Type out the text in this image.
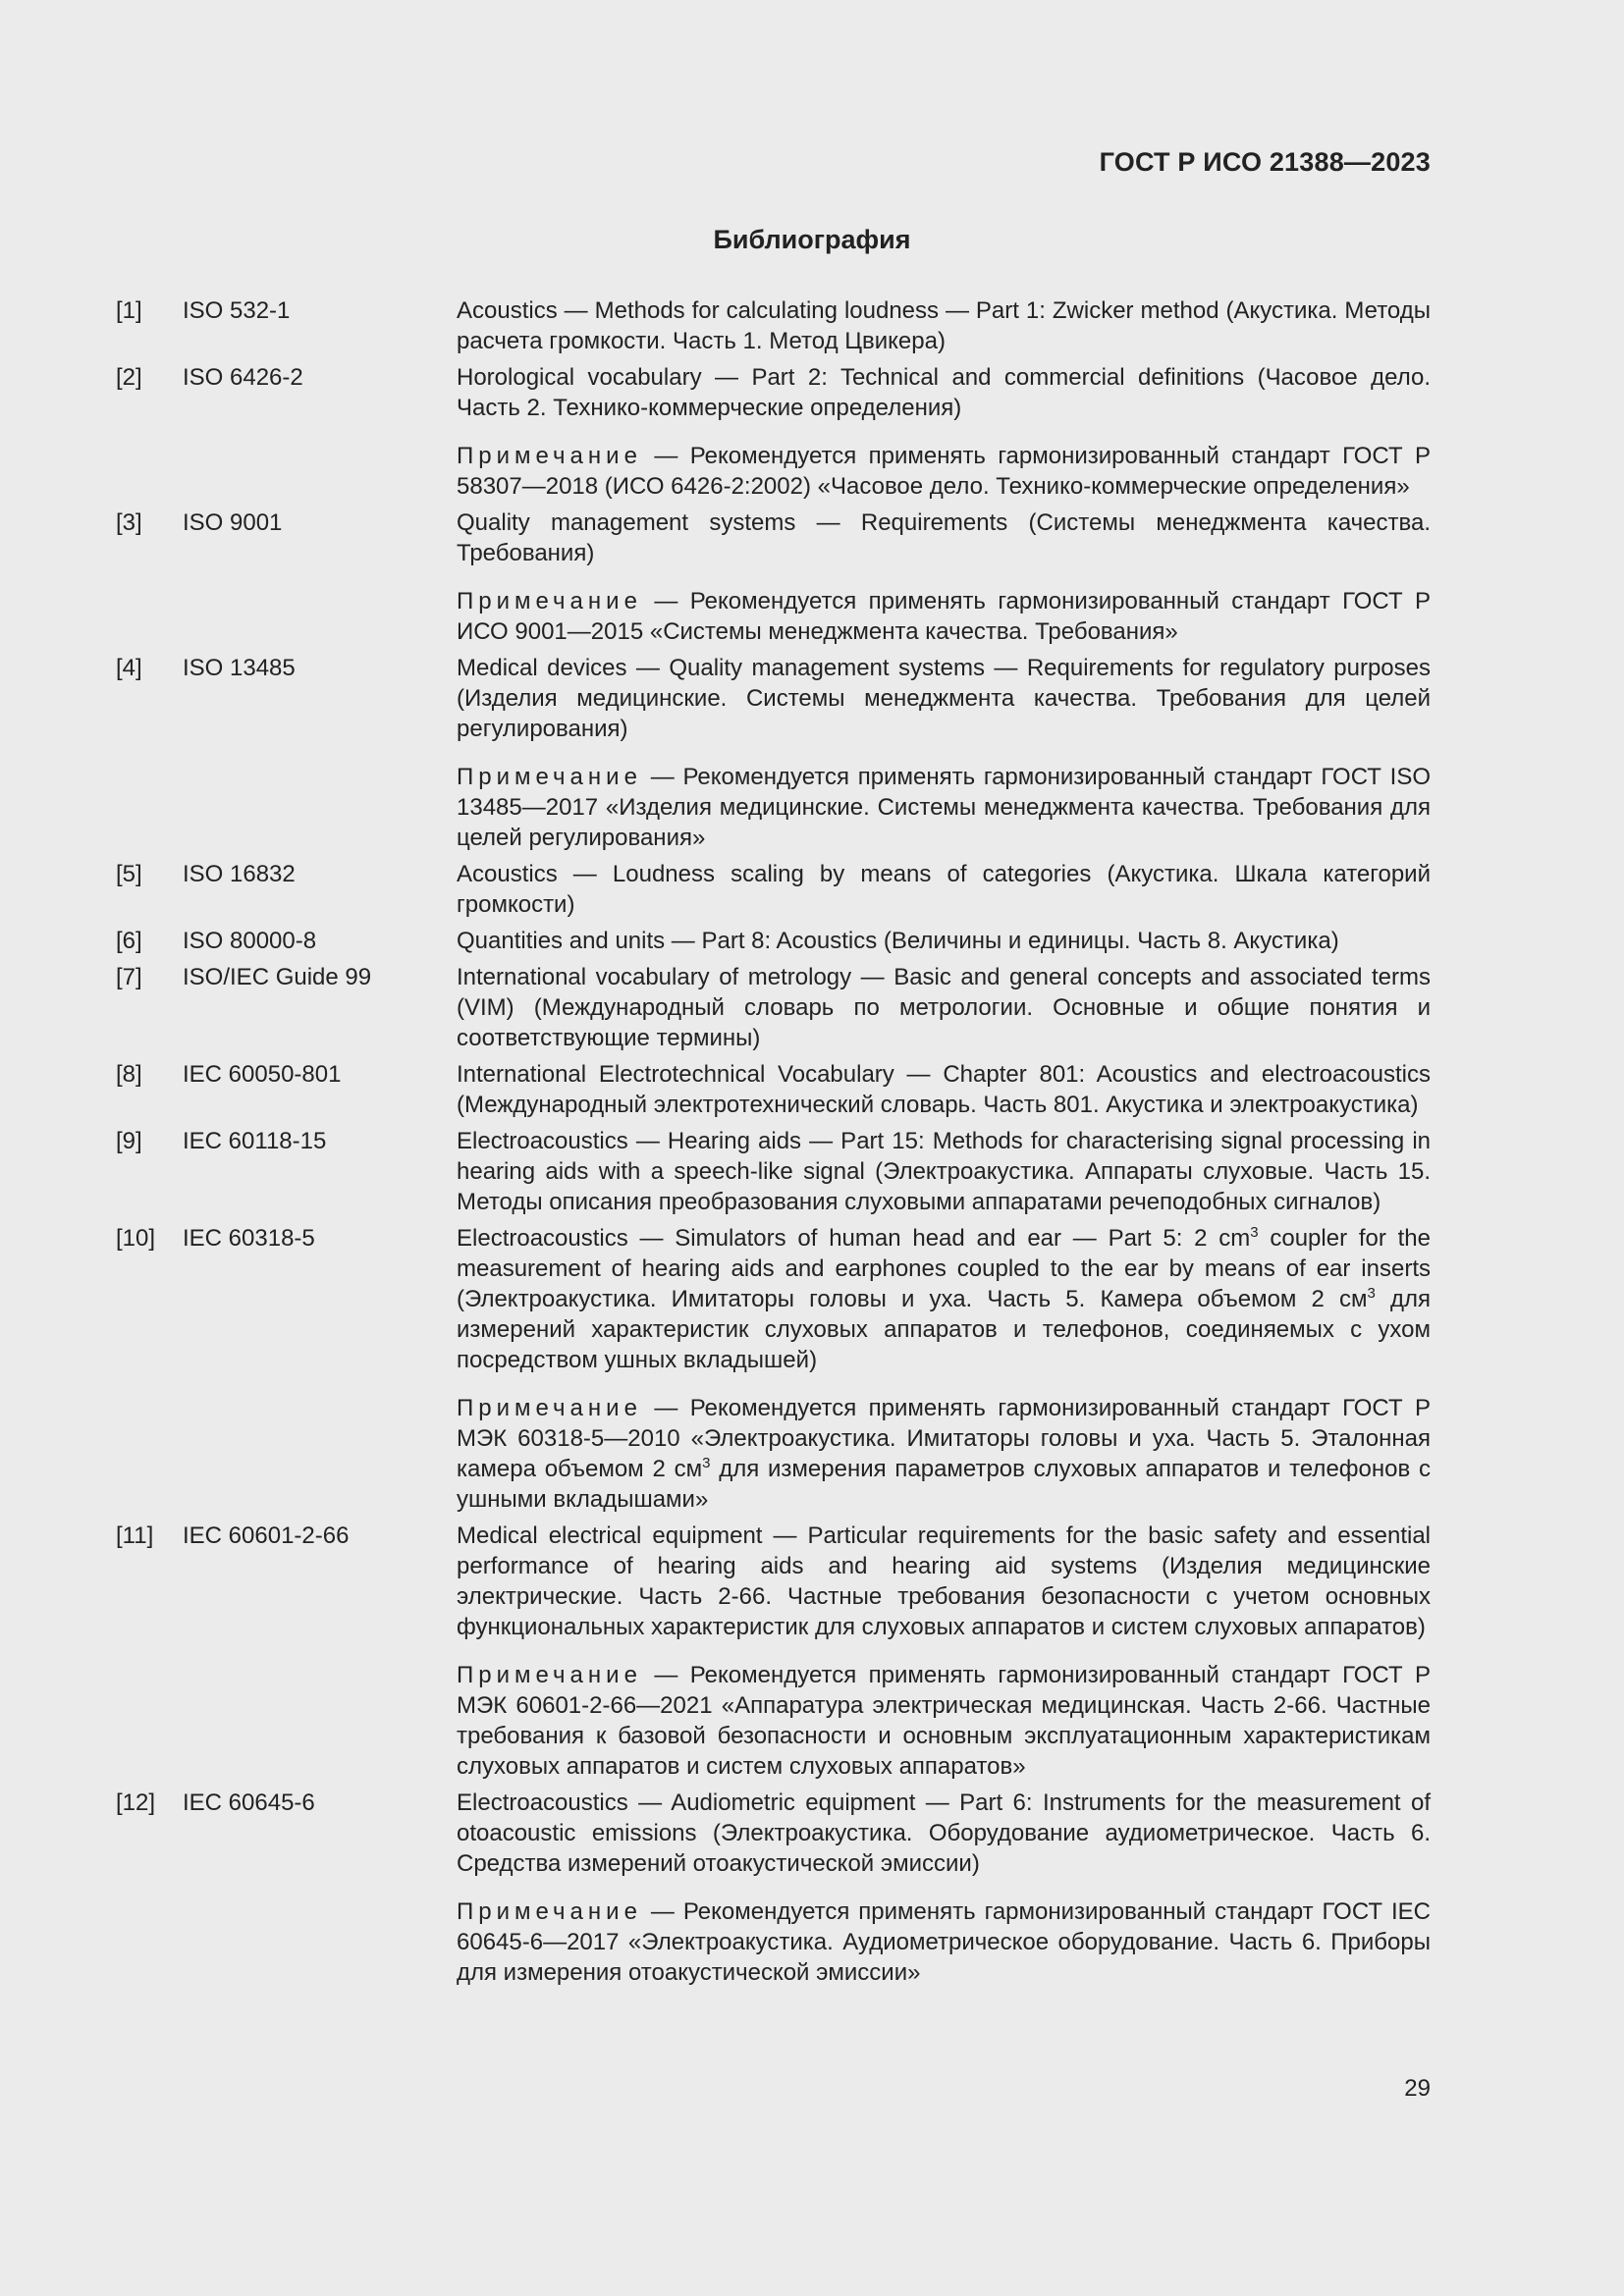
ГОСТ Р ИСО 21388—2023
Библиография
[1] ISO 532-1	Acoustics — Methods for calculating loudness — Part 1: Zwicker method (Акустика. Методы расчета громкости. Часть 1. Метод Цвикера)
[2] ISO 6426-2	Horological vocabulary — Part 2: Technical and commercial definitions (Часовое дело. Часть 2. Технико-коммерческие определения)
Примечание — Рекомендуется применять гармонизированный стандарт ГОСТ Р 58307—2018 (ИСО 6426-2:2002) «Часовое дело. Технико-коммерческие определения»
[3] ISO 9001	Quality management systems — Requirements (Системы менеджмента качества. Требования)
Примечание — Рекомендуется применять гармонизированный стандарт ГОСТ Р ИСО 9001—2015 «Системы менеджмента качества. Требования»
[4] ISO 13485	Medical devices — Quality management systems — Requirements for regulatory purposes (Изделия медицинские. Системы менеджмента качества. Требования для целей регулирования)
Примечание — Рекомендуется применять гармонизированный стандарт ГОСТ ISO 13485—2017 «Изделия медицинские. Системы менеджмента качества. Требования для целей регулирования»
[5] ISO 16832	Acoustics — Loudness scaling by means of categories (Акустика. Шкала категорий громкости)
[6] ISO 80000-8	Quantities and units — Part 8: Acoustics (Величины и единицы. Часть 8. Акустика)
[7] ISO/IEC Guide 99	International vocabulary of metrology — Basic and general concepts and associated terms (VIM) (Международный словарь по метрологии. Основные и общие понятия и соответствующие термины)
[8] IEC 60050-801	International Electrotechnical Vocabulary — Chapter 801: Acoustics and electroacoustics (Международный электротехнический словарь. Часть 801. Акустика и электроакустика)
[9] IEC 60118-15	Electroacoustics — Hearing aids — Part 15: Methods for characterising signal processing in hearing aids with a speech-like signal (Электроакустика. Аппараты слуховые. Часть 15. Методы описания преобразования слуховыми аппаратами речеподобных сигналов)
[10] IEC 60318-5	Electroacoustics — Simulators of human head and ear — Part 5: 2 $cm^3$ coupler for the measurement of hearing aids and earphones coupled to the ear by means of ear inserts (Электроакустика. Имитаторы головы и уха. Часть 5. Камера объемом 2 $см^3$ для измерений характеристик слуховых аппаратов и телефонов, соединяемых с ухом посредством ушных вкладышей)
Примечание — Рекомендуется применять гармонизированный стандарт ГОСТ Р МЭК 60318-5—2010 «Электроакустика. Имитаторы головы и уха. Часть 5. Эталонная камера объемом 2 $см^3$ для измерения параметров слуховых аппаратов и телефонов с ушными вкладышами»
[11] IEC 60601-2-66	Medical electrical equipment — Particular requirements for the basic safety and essential performance of hearing aids and hearing aid systems (Изделия медицинские электрические. Часть 2-66. Частные требования безопасности с учетом основных функциональных характеристик для слуховых аппаратов и систем слуховых аппаратов)
Примечание — Рекомендуется применять гармонизированный стандарт ГОСТ Р МЭК 60601-2-66—2021 «Аппаратура электрическая медицинская. Часть 2-66. Частные требования к базовой безопасности и основным эксплуатационным характеристикам слуховых аппаратов и систем слуховых аппаратов»
[12] IEC 60645-6	Electroacoustics — Audiometric equipment — Part 6: Instruments for the measurement of otoacoustic emissions (Электроакустика. Оборудование аудиометрическое. Часть 6. Средства измерений отоакустической эмиссии)
Примечание — Рекомендуется применять гармонизированный стандарт ГОСТ IEC 60645-6—2017 «Электроакустика. Аудиометрическое оборудование. Часть 6. Приборы для измерения отоакустической эмиссии»
29
